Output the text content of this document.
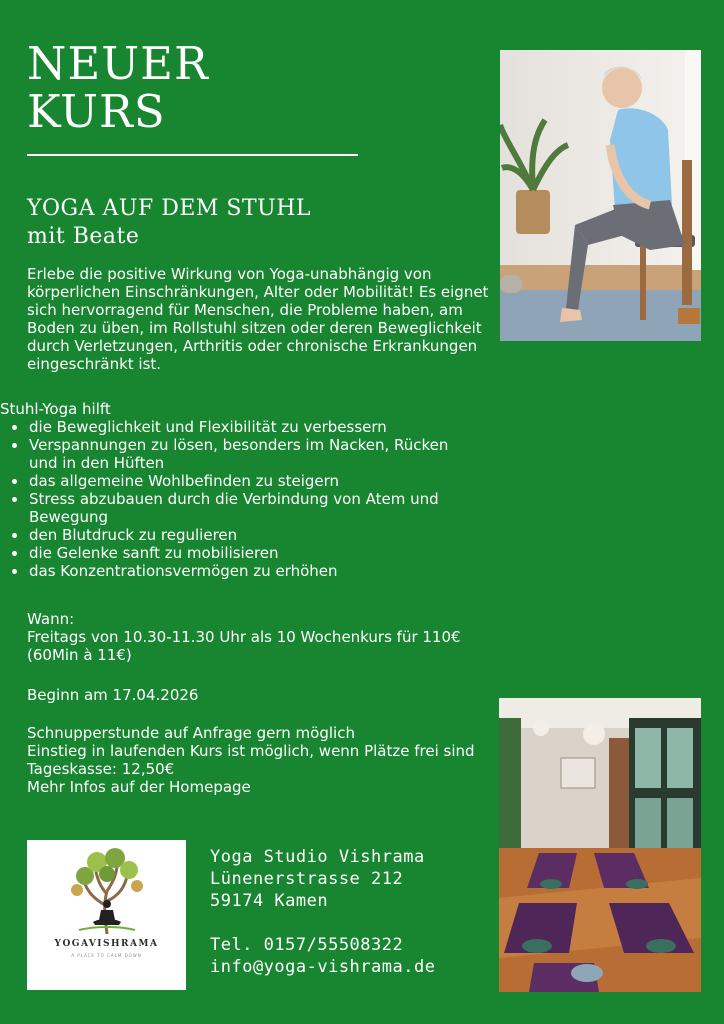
NEUER
KURS
YOGA AUF DEM STUHL
mit Beate

Erlebe die positive Wirkung von Yoga-unabhängig von körperlichen Einschränkungen, Alter oder Mobilität! Es eignet sich hervorragend für Menschen, die Probleme haben, am Boden zu üben, im Rollstuhl sitzen oder deren Beweglichkeit durch Verletzungen, Arthritis oder chronische Erkrankungen eingeschränkt ist.

Stuhl-Yoga hilft
• die Beweglichkeit und Flexibilität zu verbessern
• Verspannungen zu lösen, besonders im Nacken, Rücken und in den Hüften
• das allgemeine Wohlbefinden zu steigern
• Stress abzubauen durch die Verbindung von Atem und Bewegung
• den Blutdruck zu regulieren
• die Gelenke sanft zu mobilisieren
• das Konzentrationsvermögen zu erhöhen
Wann:
Freitags von 10.30-11.30 Uhr als 10 Wochenkurs für 110€ (60Min à 11€)
Beginn am 17.04.2026
Schnupperstunde auf Anfrage gern möglich
Einstieg in laufenden Kurs ist möglich, wenn Plätze frei sind
Tageskasse: 12,50€
Mehr Infos auf der Homepage
YOGAVISHRAMA
A PLACE TO CALM DOWN
Yoga Studio Vishrama
Lünenerstrasse 212
59174 Kamen
Tel. 0157/55508322
info@yoga-vishrama.de
